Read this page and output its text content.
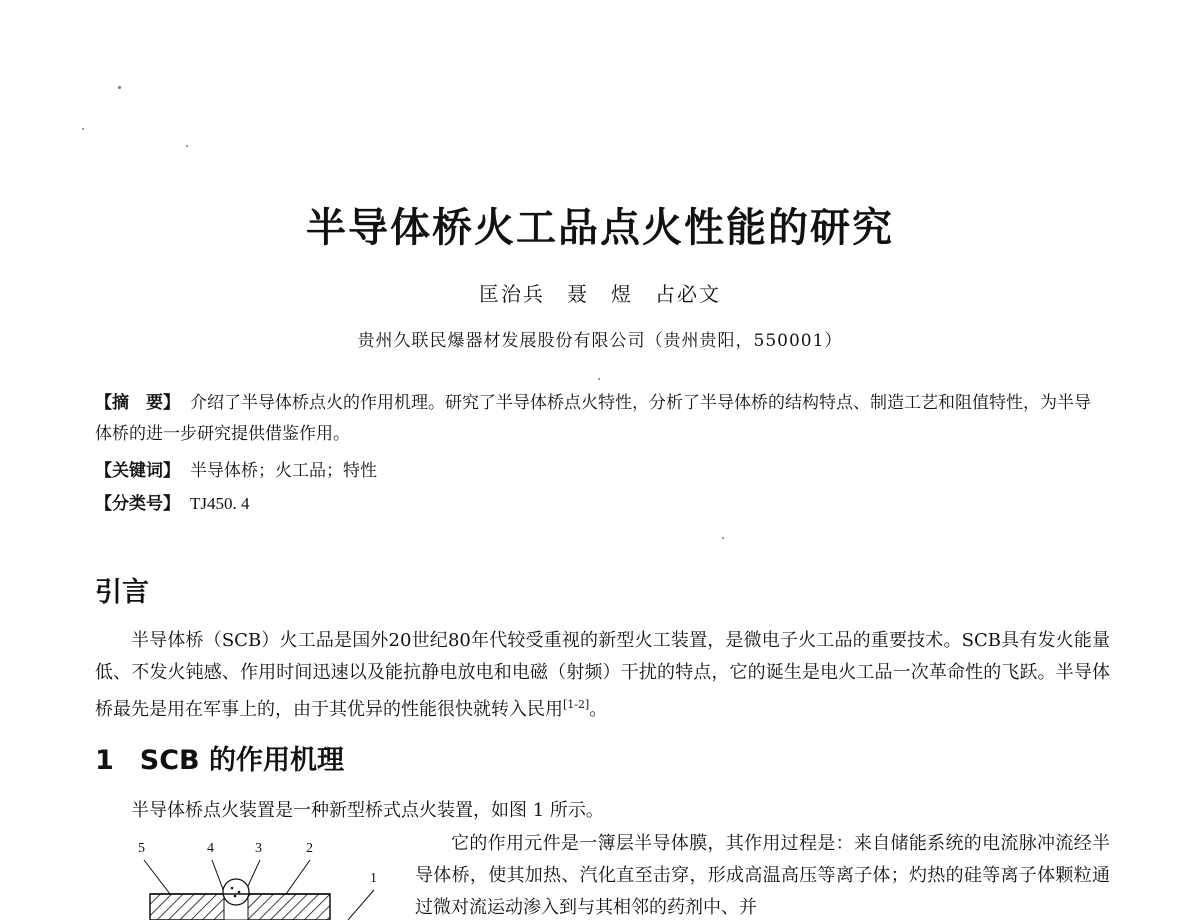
半导体桥火工品点火性能的研究
匡治兵　聂　煜　占必文
贵州久联民爆器材发展股份有限公司（贵州贵阳，550001）
【摘　要】 介绍了半导体桥点火的作用机理。研究了半导体桥点火特性，分析了半导体桥的结构特点、制造工艺和阻值特性，为半导体桥的进一步研究提供借鉴作用。
【关键词】 半导体桥；火工品；特性
【分类号】 TJ450. 4
引言
半导体桥（SCB）火工品是国外20世纪80年代较受重视的新型火工装置，是微电子火工品的重要技术。SCB具有发火能量低、不发火钝感、作用时间迅速以及能抗静电放电和电磁（射频）干扰的特点，它的诞生是电火工品一次革命性的飞跃。半导体桥最先是用在军事上的，由于其优异的性能很快就转入民用[1-2]。
1 SCB 的作用机理
半导体桥点火装置是一种新型桥式点火装置，如图 1 所示。
它的作用元件是一簿层半导体膜，其作用过程是：来自储能系统的电流脉冲流经半导体桥，使其加热、汽化直至击穿，形成高温高压等离子体；灼热的硅等离子体颗粒通过微对流运动渗入到与其相邻的药剂中、并
5	4	3	2
1
